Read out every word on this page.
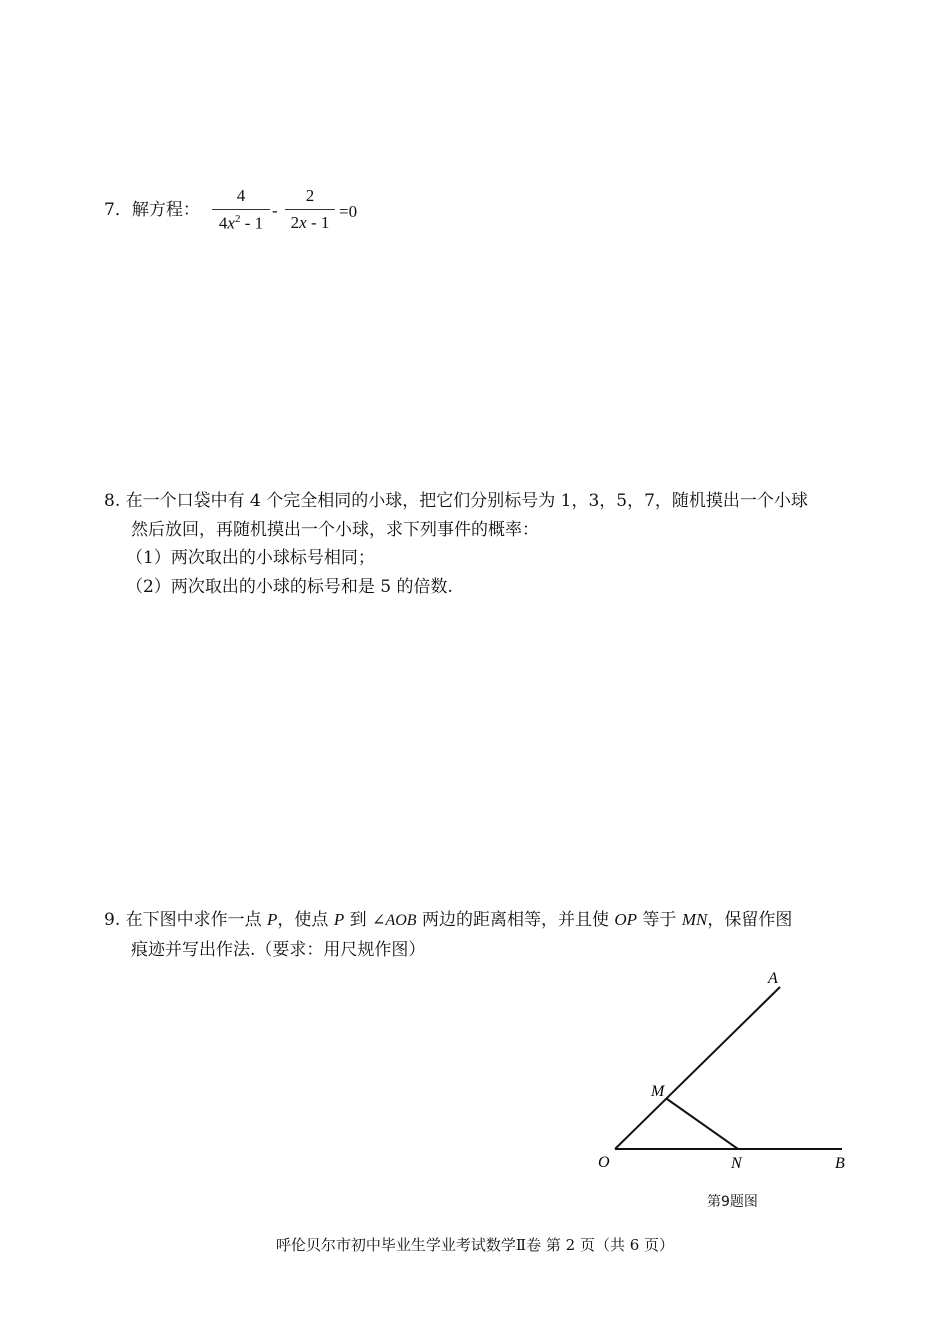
7．解方程：
4
$4x^2 - 1$
-
2
2x - 1
=0
8. 在一个口袋中有 4 个完全相同的小球，把它们分别标号为 1，3，5，7，随机摸出一个小球
然后放回，再随机摸出一个小球，求下列事件的概率：
（1）两次取出的小球标号相同；
（2）两次取出的小球的标号和是 5 的倍数.
9. 在下图中求作一点 P，使点 P 到 ∠AOB 两边的距离相等，并且使 OP 等于 MN，保留作图
痕迹并写出作法.（要求：用尺规作图）
A
M
O	N	B
第9题图
呼伦贝尔市初中毕业生学业考试数学Ⅱ卷 第 2 页（共 6 页）
